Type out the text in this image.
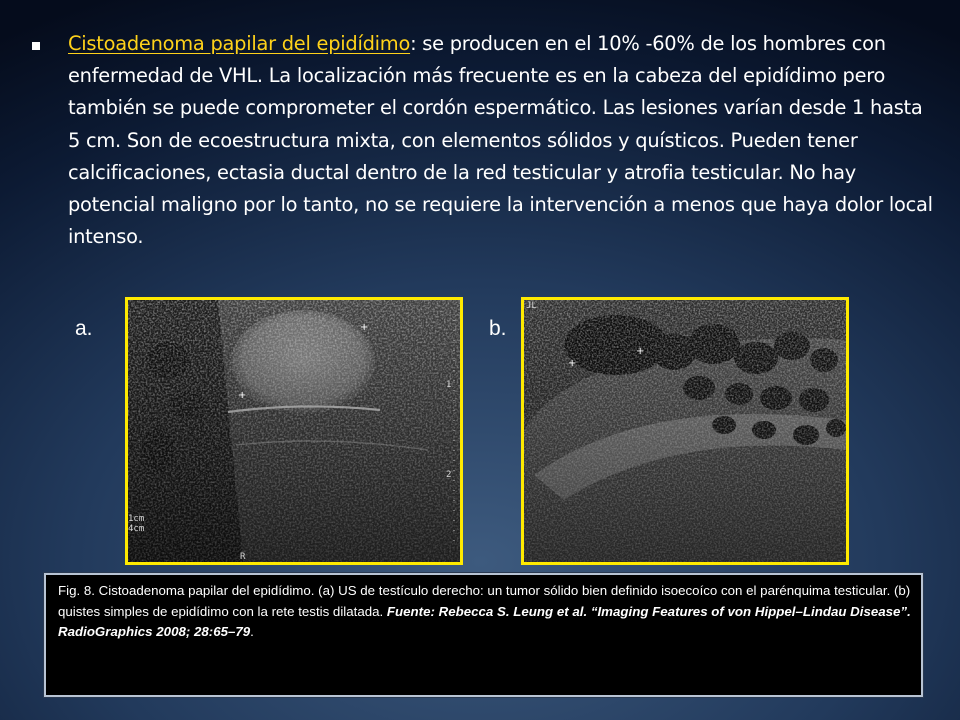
Cistoadenoma papilar del epidídimo: se producen en el 10% -60% de los hombres con enfermedad de VHL. La localización más frecuente es en la cabeza del epidídimo pero también se puede comprometer el cordón espermático. Las lesiones varían desde 1 hasta 5 cm. Son de ecoestructura mixta, con elementos sólidos y quísticos. Pueden tener calcificaciones, ectasia ductal dentro de la red testicular y atrofia testicular. No hay potencial maligno por lo tanto, no se requiere la intervención a menos que haya dolor local intenso.

a.	b.
+
+
1cm
4cm
R
1
2
+
+
JL

Fig. 8. Cistoadenoma papilar del epidídimo. (a) US de testículo derecho: un tumor sólido bien definido isoecoíco con el parénquima testicular. (b) quistes simples de epidídimo con la rete testis dilatada. Fuente: Rebecca S. Leung et al. “Imaging Features of von Hippel–Lindau Disease”. RadioGraphics 2008; 28:65–79.
